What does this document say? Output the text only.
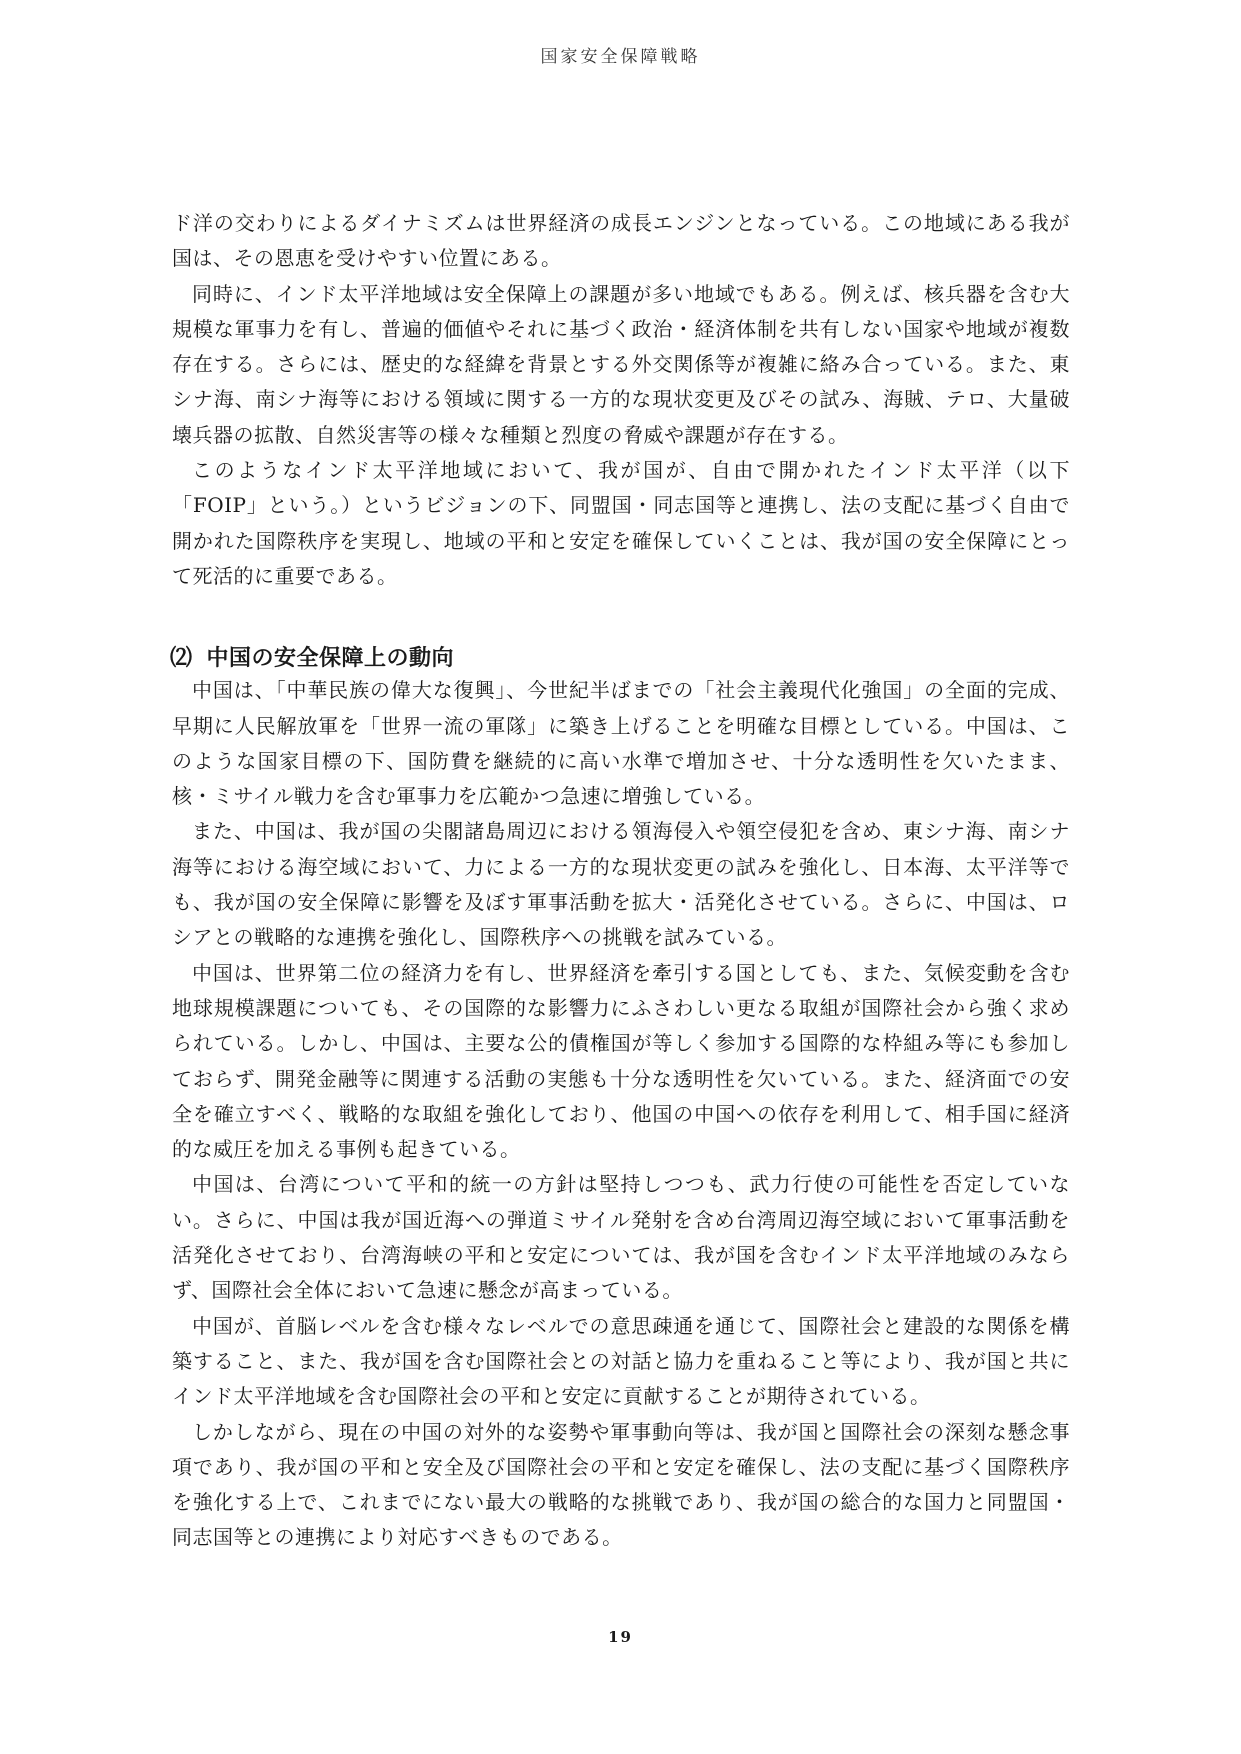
国家安全保障戦略

ド洋の交わりによるダイナミズムは世界経済の成長エンジンとなっている。この地域にある我が国は、その恩恵を受けやすい位置にある。

同時に、インド太平洋地域は安全保障上の課題が多い地域でもある。例えば、核兵器を含む大規模な軍事力を有し、普遍的価値やそれに基づく政治・経済体制を共有しない国家や地域が複数存在する。さらには、歴史的な経緯を背景とする外交関係等が複雑に絡み合っている。また、東シナ海、南シナ海等における領域に関する一方的な現状変更及びその試み、海賊、テロ、大量破壊兵器の拡散、自然災害等の様々な種類と烈度の脅威や課題が存在する。

このようなインド太平洋地域において、我が国が、自由で開かれたインド太平洋（以下「FOIP」という。）というビジョンの下、同盟国・同志国等と連携し、法の支配に基づく自由で開かれた国際秩序を実現し、地域の平和と安定を確保していくことは、我が国の安全保障にとって死活的に重要である。

⑵ 中国の安全保障上の動向

中国は、「中華民族の偉大な復興」、今世紀半ばまでの「社会主義現代化強国」の全面的完成、早期に人民解放軍を「世界一流の軍隊」に築き上げることを明確な目標としている。中国は、このような国家目標の下、国防費を継続的に高い水準で増加させ、十分な透明性を欠いたまま、核・ミサイル戦力を含む軍事力を広範かつ急速に増強している。

また、中国は、我が国の尖閣諸島周辺における領海侵入や領空侵犯を含め、東シナ海、南シナ海等における海空域において、力による一方的な現状変更の試みを強化し、日本海、太平洋等でも、我が国の安全保障に影響を及ぼす軍事活動を拡大・活発化させている。さらに、中国は、ロシアとの戦略的な連携を強化し、国際秩序への挑戦を試みている。

中国は、世界第二位の経済力を有し、世界経済を牽引する国としても、また、気候変動を含む地球規模課題についても、その国際的な影響力にふさわしい更なる取組が国際社会から強く求められている。しかし、中国は、主要な公的債権国が等しく参加する国際的な枠組み等にも参加しておらず、開発金融等に関連する活動の実態も十分な透明性を欠いている。また、経済面での安全を確立すべく、戦略的な取組を強化しており、他国の中国への依存を利用して、相手国に経済的な威圧を加える事例も起きている。

中国は、台湾について平和的統一の方針は堅持しつつも、武力行使の可能性を否定していない。さらに、中国は我が国近海への弾道ミサイル発射を含め台湾周辺海空域において軍事活動を活発化させており、台湾海峡の平和と安定については、我が国を含むインド太平洋地域のみならず、国際社会全体において急速に懸念が高まっている。

中国が、首脳レベルを含む様々なレベルでの意思疎通を通じて、国際社会と建設的な関係を構築すること、また、我が国を含む国際社会との対話と協力を重ねること等により、我が国と共にインド太平洋地域を含む国際社会の平和と安定に貢献することが期待されている。

しかしながら、現在の中国の対外的な姿勢や軍事動向等は、我が国と国際社会の深刻な懸念事項であり、我が国の平和と安全及び国際社会の平和と安定を確保し、法の支配に基づく国際秩序を強化する上で、これまでにない最大の戦略的な挑戦であり、我が国の総合的な国力と同盟国・同志国等との連携により対応すべきものである。

19
